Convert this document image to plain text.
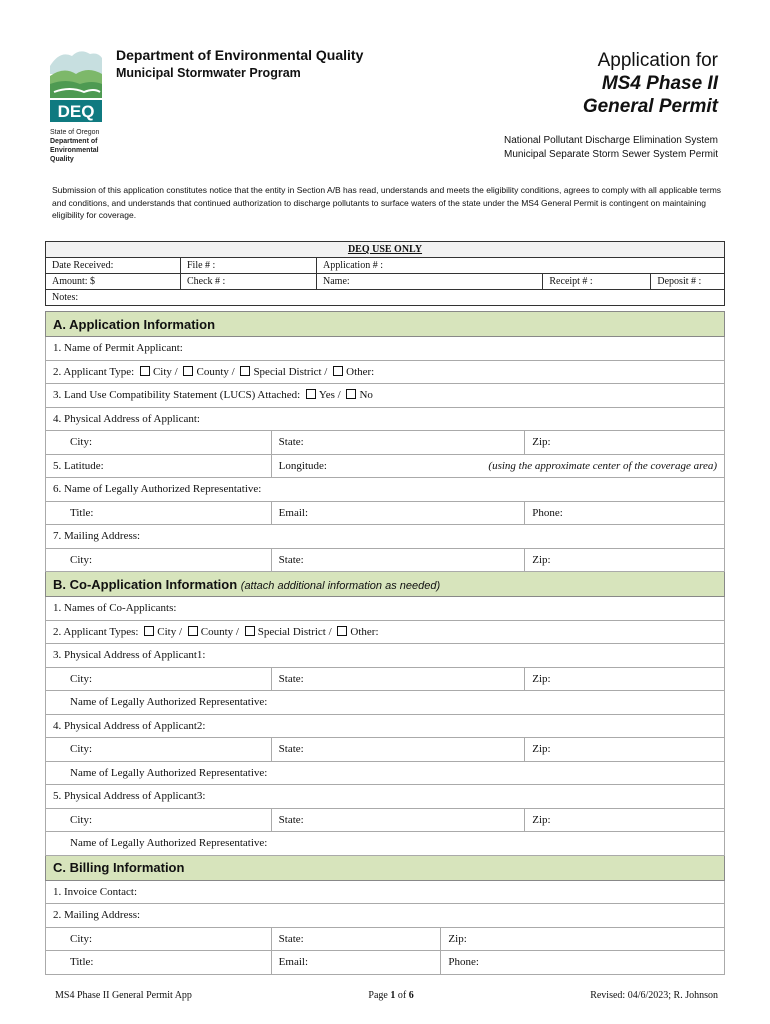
DEQ
State of Oregon
Department of
Environmental
Quality
Department of Environmental Quality
Municipal Stormwater Program
Application for
MS4 Phase II
General Permit
National Pollutant Discharge Elimination System
Municipal Separate Storm Sewer System Permit
Submission of this application constitutes notice that the entity in Section A/B has read, understands and meets the eligibility conditions, agrees to comply with all applicable terms and conditions, and understands that continued authorization to discharge pollutants to surface waters of the state under the MS4 General Permit is contingent on maintaining eligibility for coverage.
DEQ USE ONLY				
Date Received:	File # :	Application # :		
Amount: $	Check # :	Name:	Receipt # :	Deposit # :
Notes:				
A. Application Information			
1. Name of Permit Applicant:			
2. Applicant Type: City / County / Special District / Other:			
3. Land Use Compatibility Statement (LUCS) Attached: Yes / No			
4. Physical Address of Applicant:			
City:	State:		Zip:
5. Latitude:	Longitude: (using the approximate center of the coverage area)		

6. Name of Legally Authorized Representative:			
Title:	Email:		Phone:
7. Mailing Address:			
City:	State:		Zip:
B. Co-Application Information (attach additional information as needed)			
1. Names of Co-Applicants:			
2. Applicant Types: City / County / Special District / Other:			
3. Physical Address of Applicant1:			
City:	State:		Zip:
Name of Legally Authorized Representative:			
4. Physical Address of Applicant2:			
City:	State:		Zip:
Name of Legally Authorized Representative:			
5. Physical Address of Applicant3:			
City:	State:		Zip:
Name of Legally Authorized Representative:			
C. Billing Information			
1. Invoice Contact:			
2. Mailing Address:			
City:	State:	Zip:	
Title:	Email:	Phone:	
MS4 Phase II General Permit App	Page 1 of 6	Revised: 04/6/2023; R. Johnson
